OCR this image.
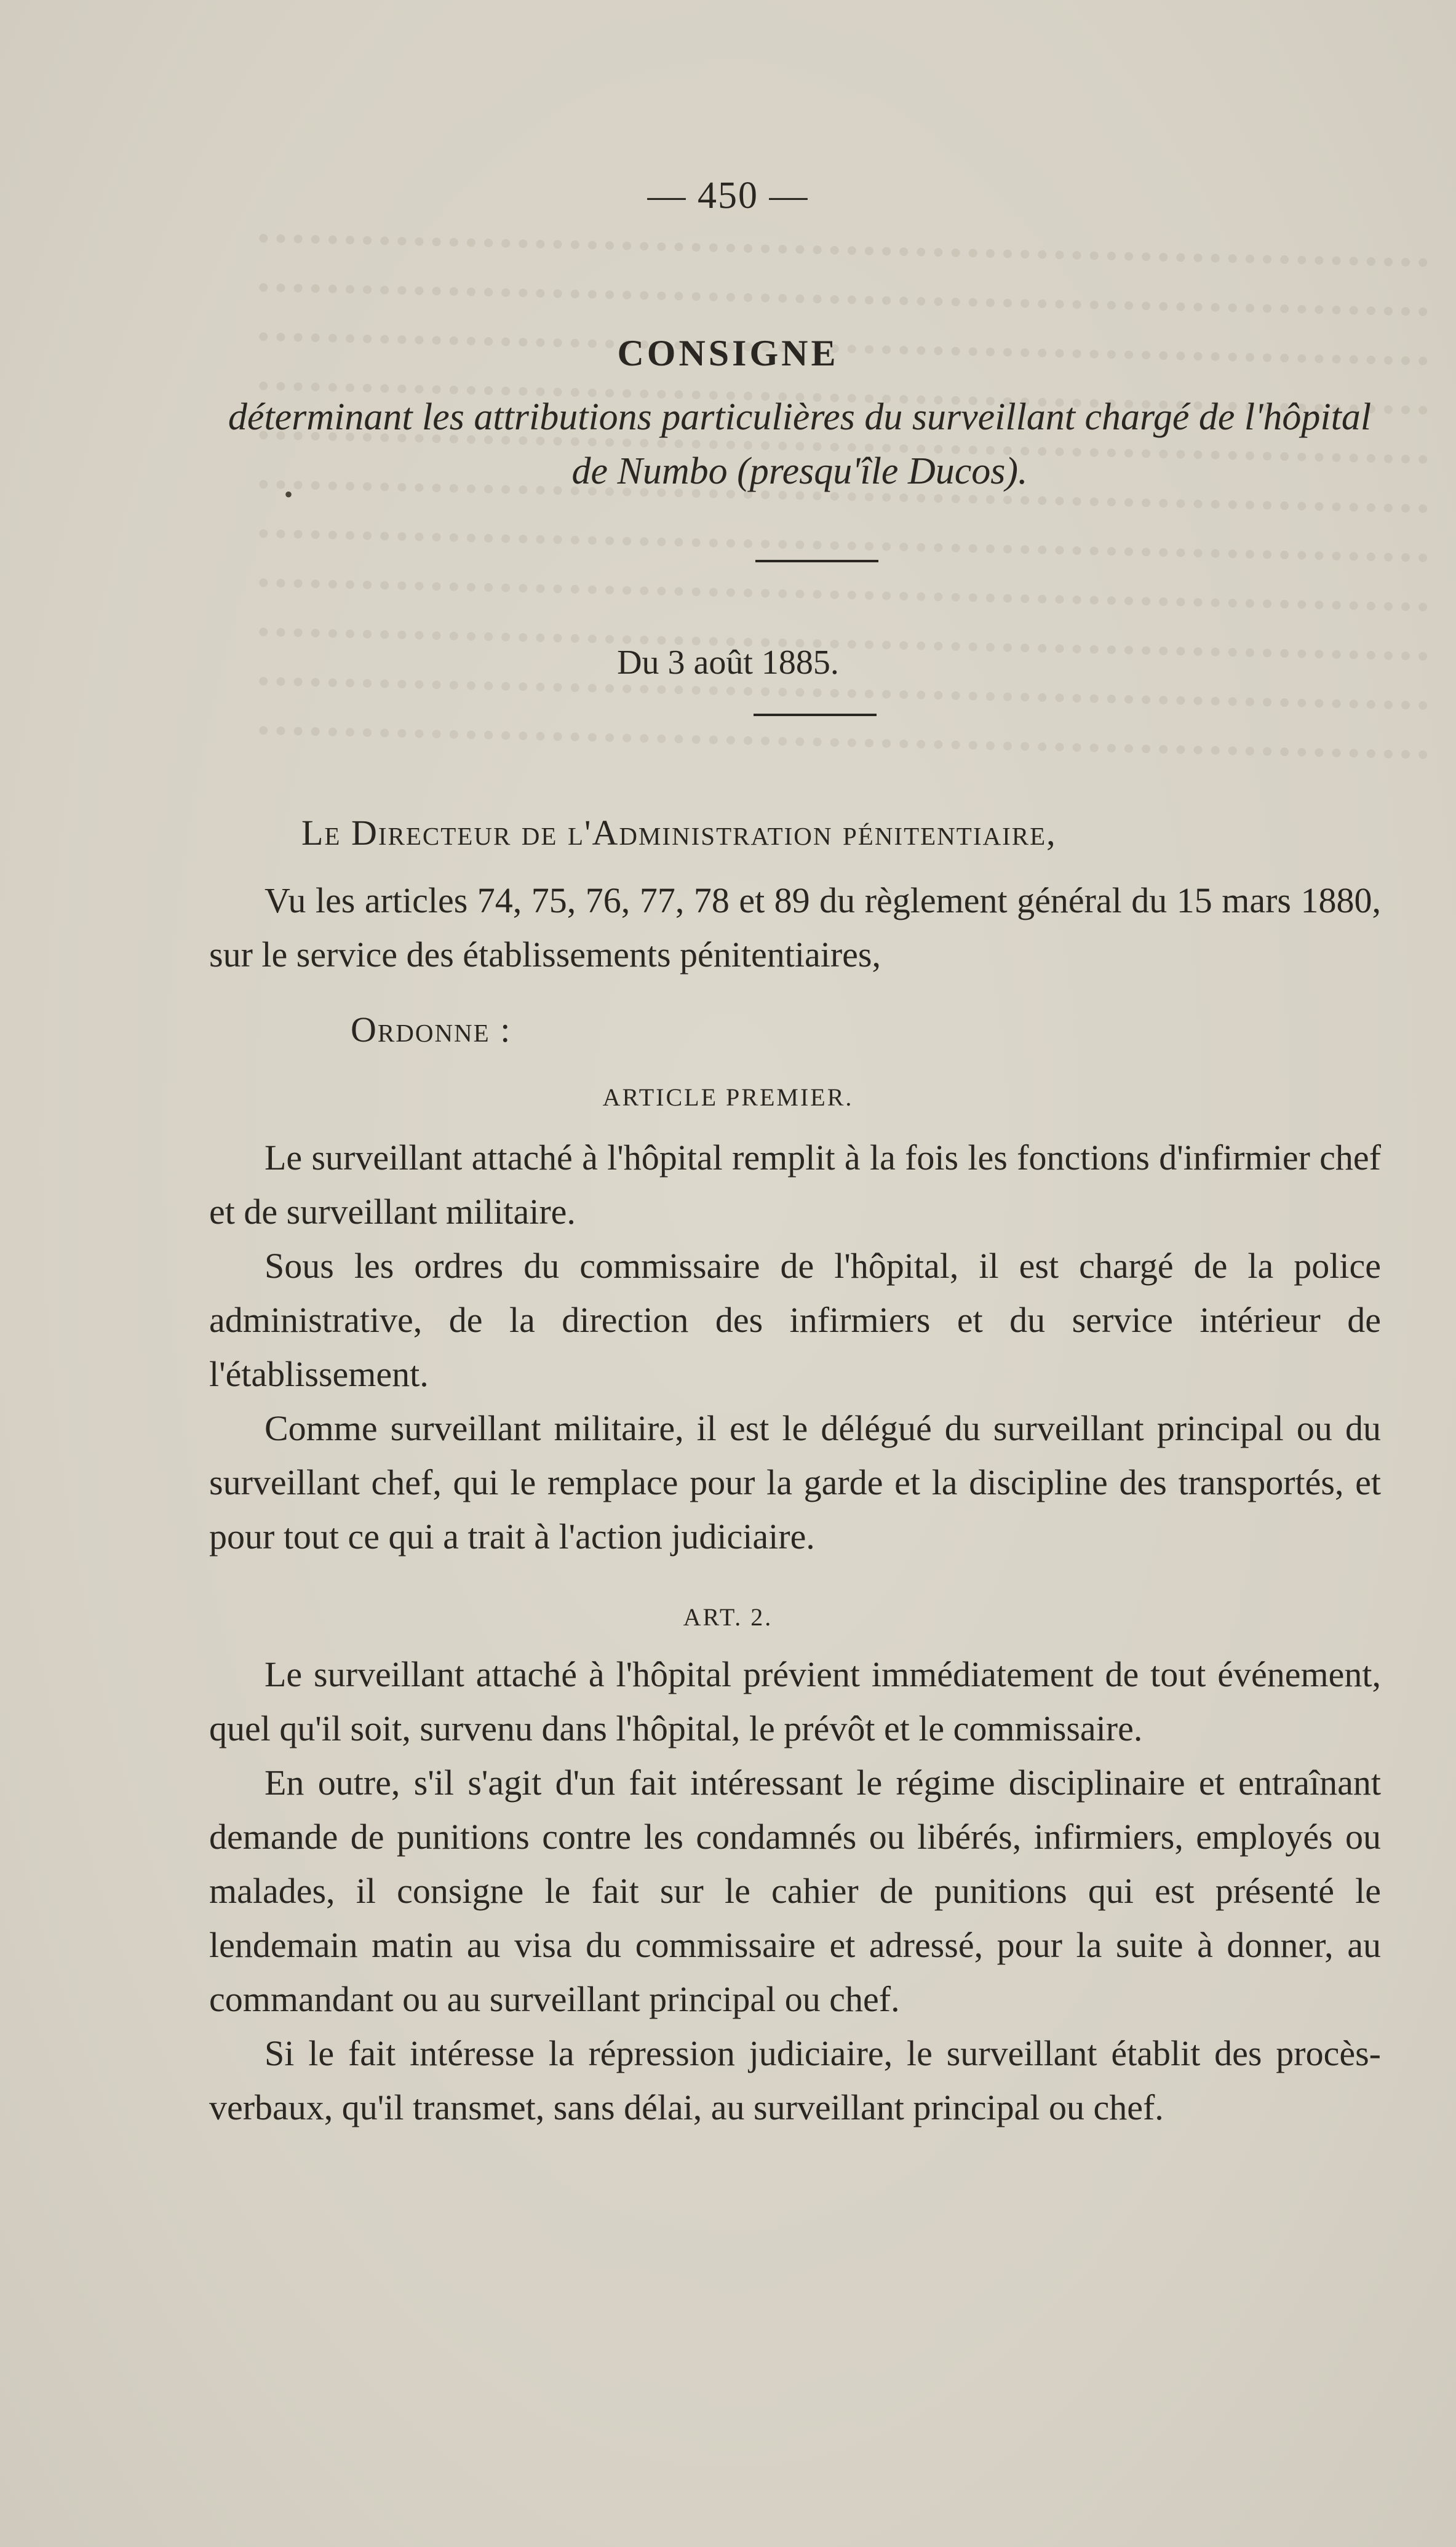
— 450 —
CONSIGNE
déterminant les attributions particulières du surveillant chargé de l'hôpital
de Numbo (presqu'île Ducos).
Du 3 août 1885.
Le Directeur de l'Administration pénitentiaire,

Vu les articles 74, 75, 76, 77, 78 et 89 du règlement général du 15 mars 1880, sur le service des établissements pénitentiaires,

Ordonne :
ARTICLE PREMIER.

Le surveillant attaché à l'hôpital remplit à la fois les fonctions d'infirmier chef et de surveillant militaire.

Sous les ordres du commissaire de l'hôpital, il est chargé de la police administrative, de la direction des infirmiers et du service intérieur de l'établissement.

Comme surveillant militaire, il est le délégué du surveillant principal ou du surveillant chef, qui le remplace pour la garde et la discipline des transportés, et pour tout ce qui a trait à l'action judiciaire.

ART. 2.

Le surveillant attaché à l'hôpital prévient immédiatement de tout événement, quel qu'il soit, survenu dans l'hôpital, le prévôt et le commissaire.

En outre, s'il s'agit d'un fait intéressant le régime disciplinaire et entraînant demande de punitions contre les condamnés ou libérés, infirmiers, employés ou malades, il consigne le fait sur le cahier de punitions qui est présenté le lendemain matin au visa du commissaire et adressé, pour la suite à donner, au commandant ou au surveillant principal ou chef.

Si le fait intéresse la répression judiciaire, le surveillant établit des procès-verbaux, qu'il transmet, sans délai, au surveillant principal ou chef.

•
